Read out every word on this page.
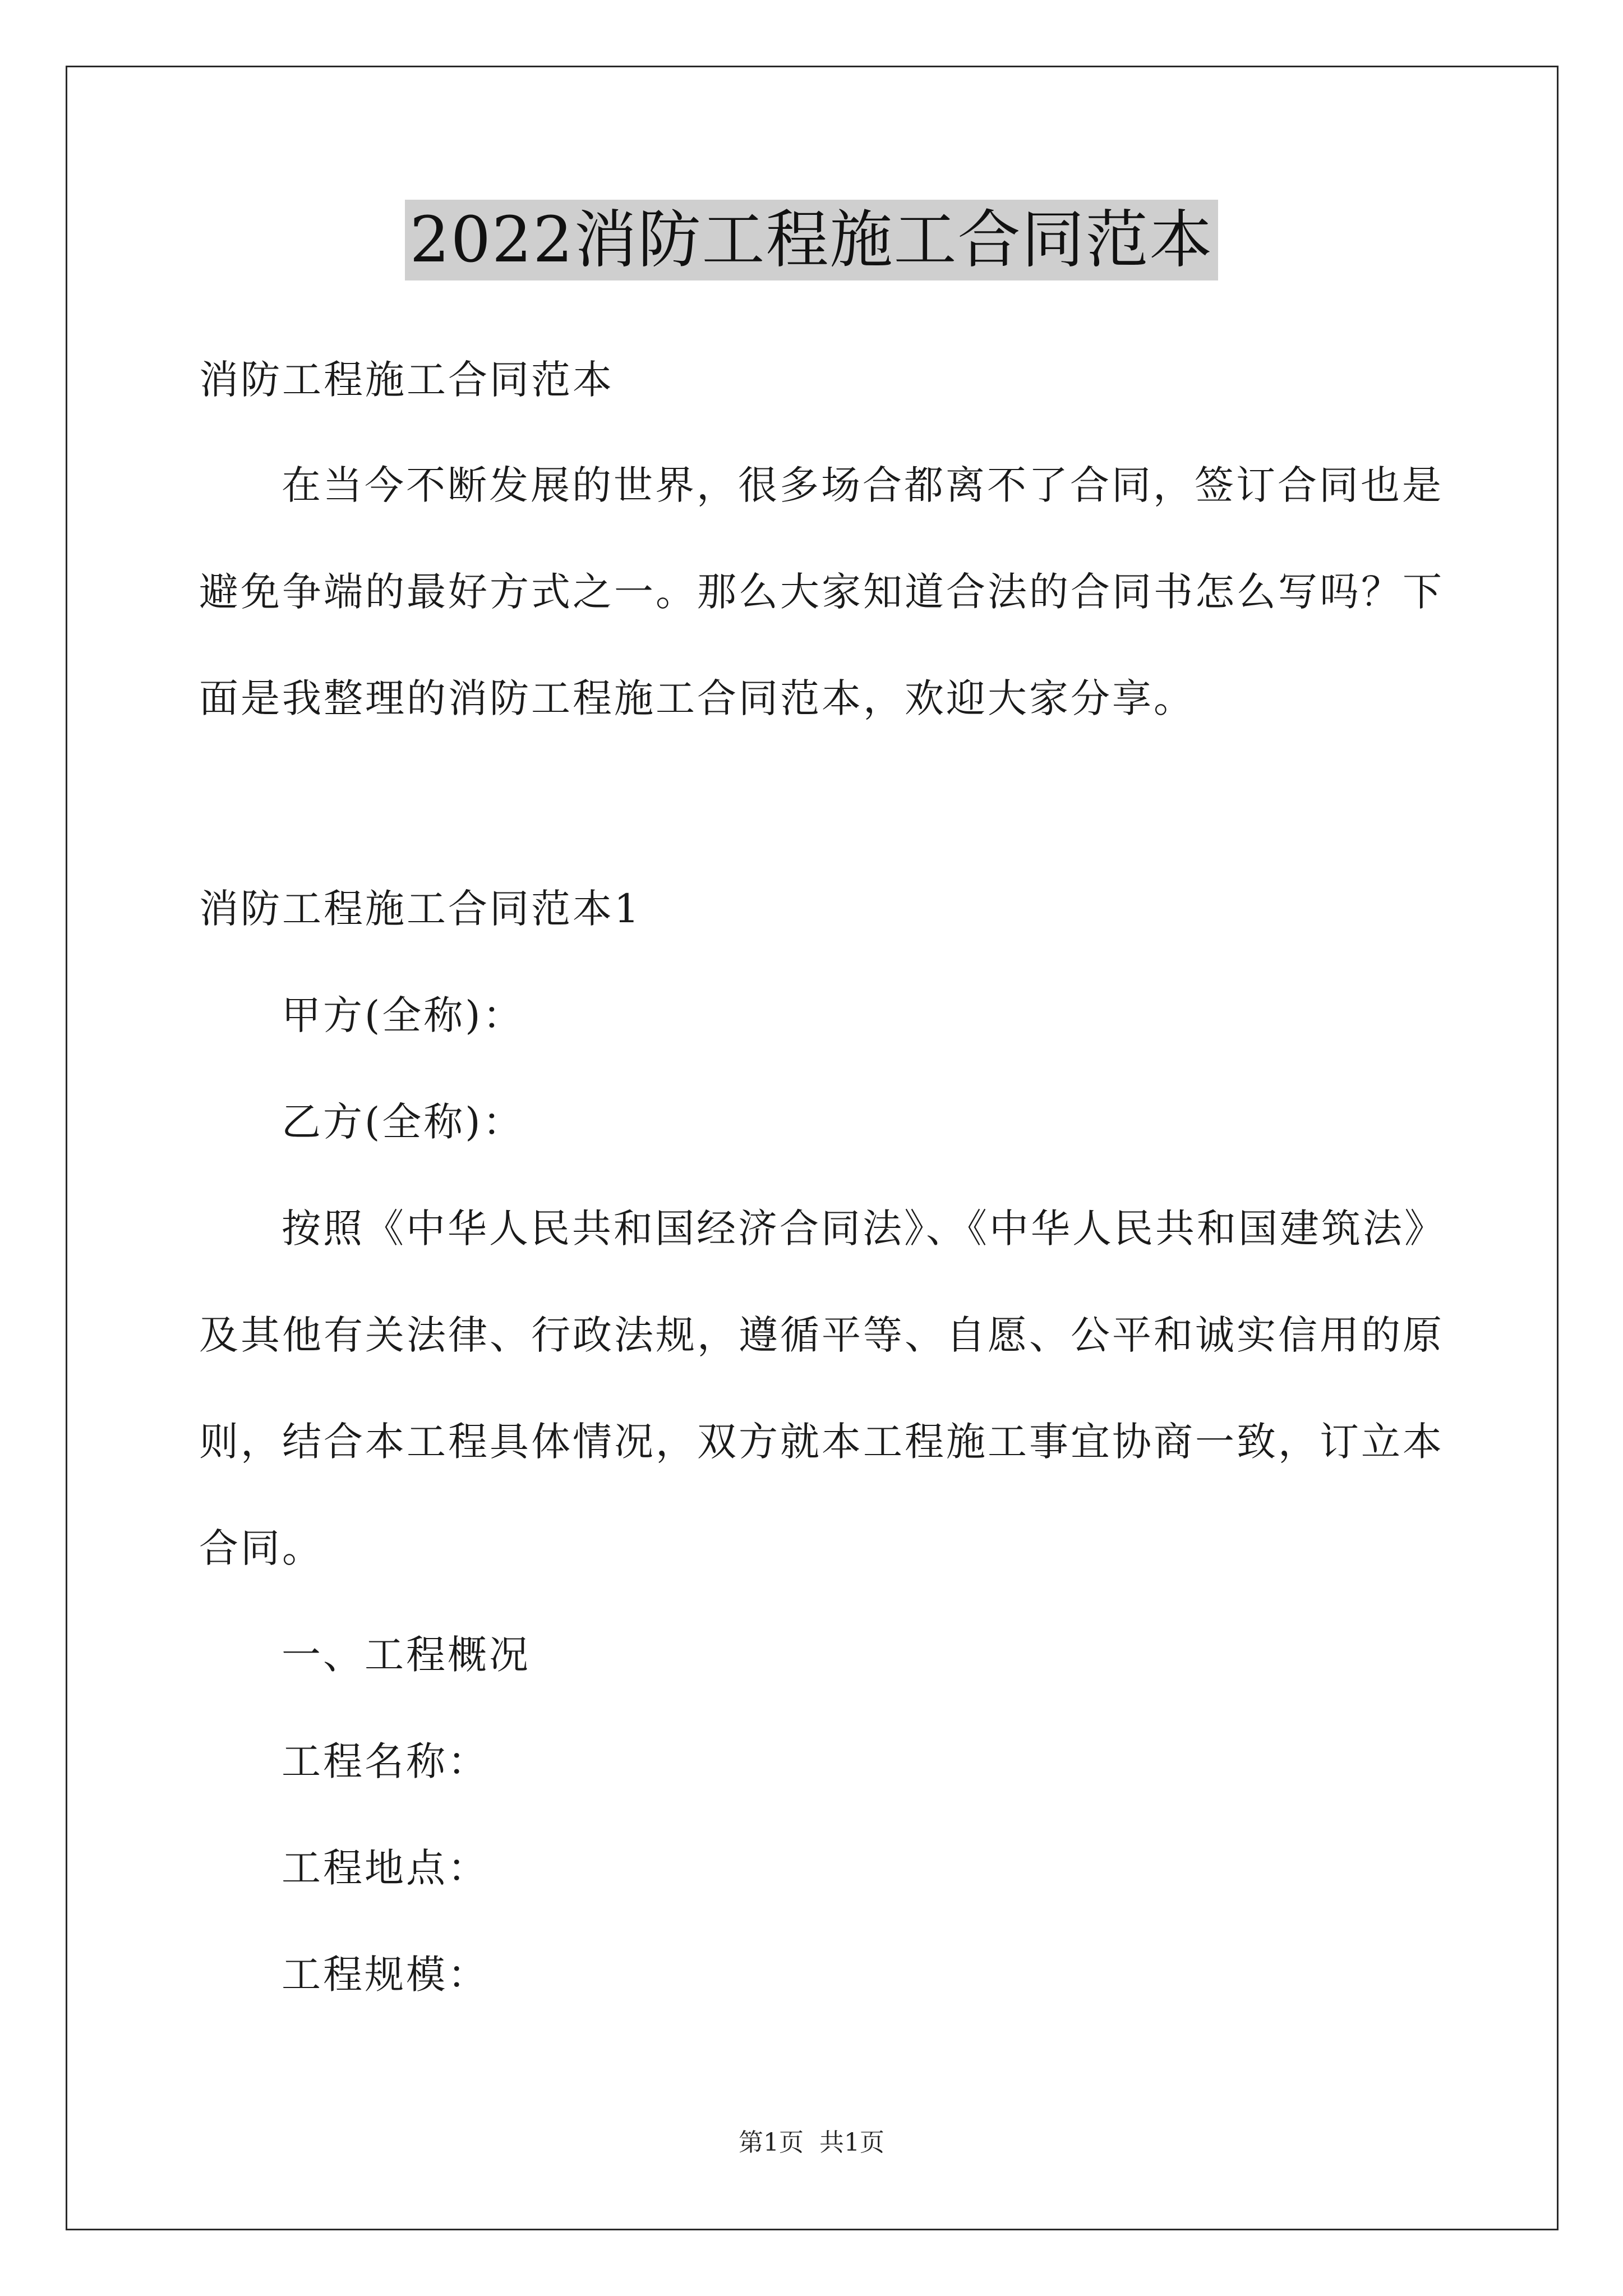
2022消防工程施工合同范本
消防工程施工合同范本
在当今不断发展的世界，很多场合都离不了合同，签订合同也是
避免争端的最好方式之一。那么大家知道合法的合同书怎么写吗？下
面是我整理的消防工程施工合同范本，欢迎大家分享。
消防工程施工合同范本1
甲方(全称)：
乙方(全称)：
按照《中华人民共和国经济合同法》、《中华人民共和国建筑法》
及其他有关法律、行政法规，遵循平等、自愿、公平和诚实信用的原
则，结合本工程具体情况，双方就本工程施工事宜协商一致，订立本
合同。
一、工程概况
工程名称：
工程地点：
工程规模：
第1页 共1页
